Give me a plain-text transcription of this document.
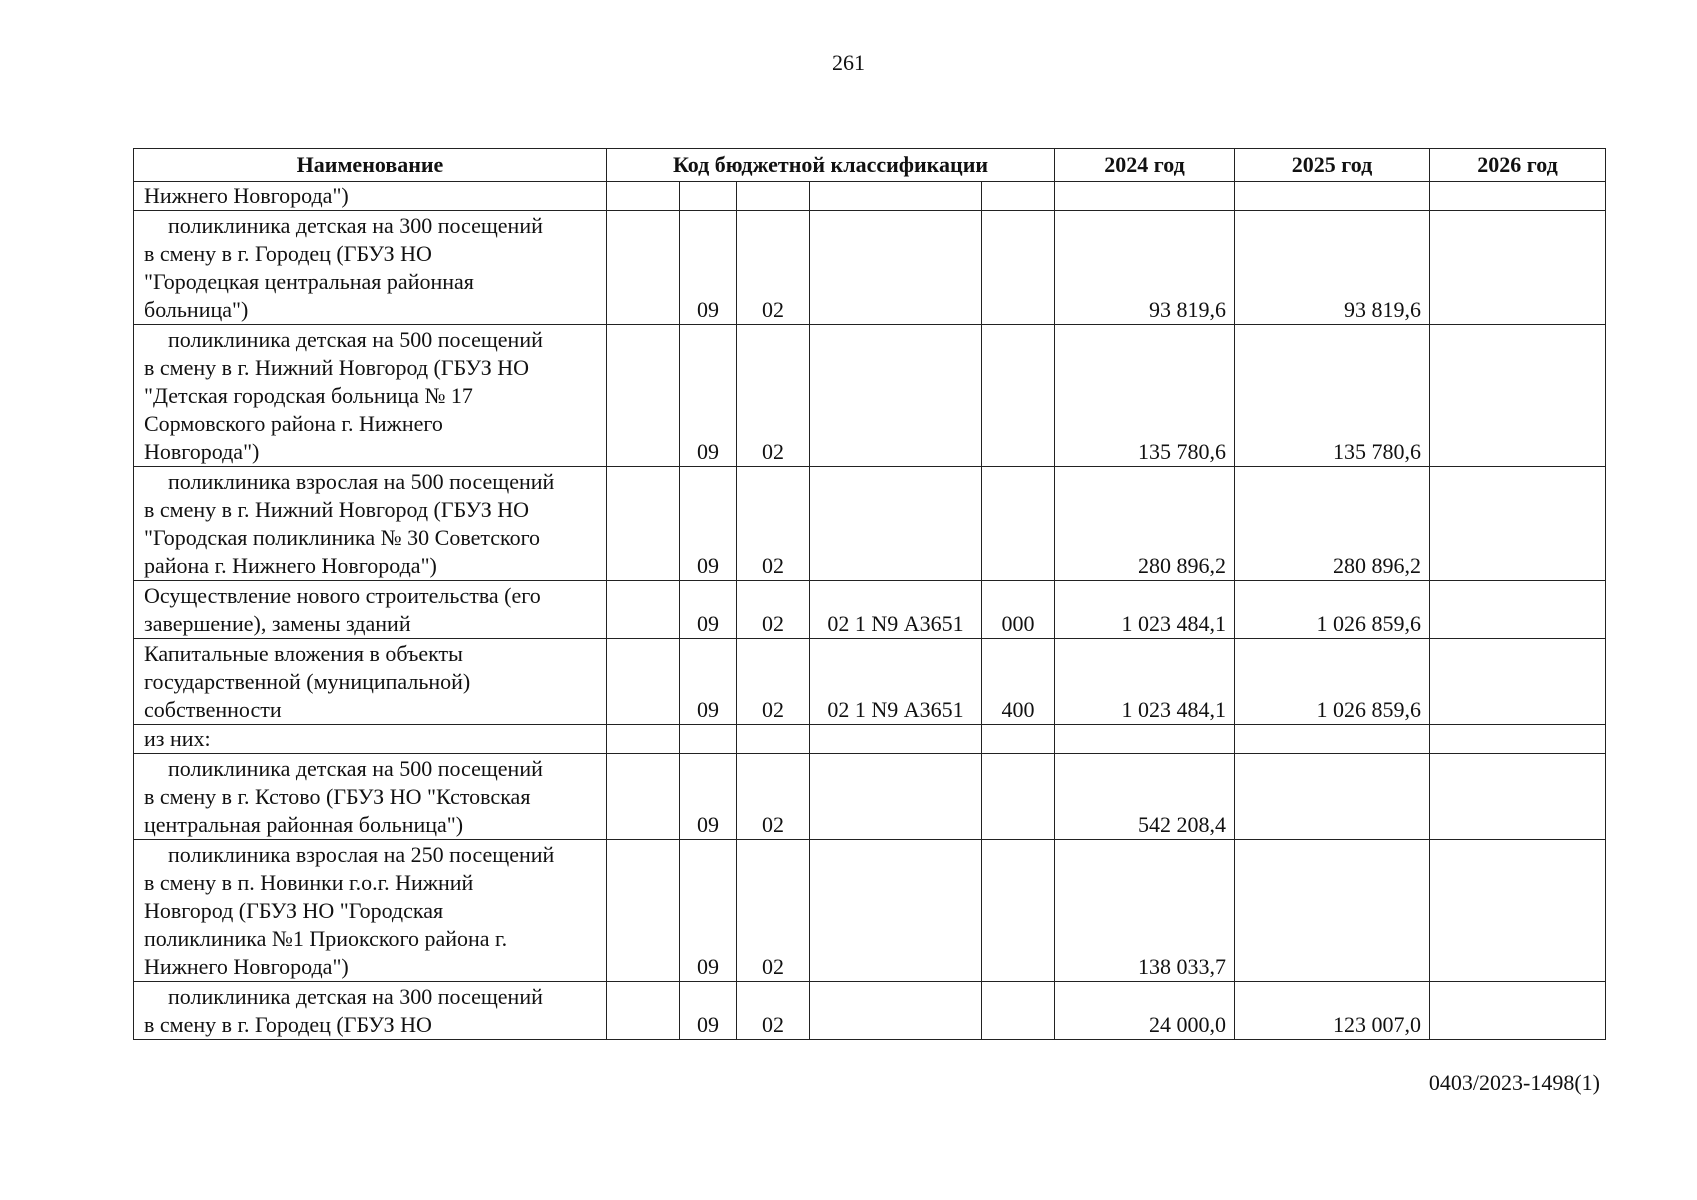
261
Наименование	Код бюджетной классификации					2024 год	2025 год	2026 год
Нижнего Новгорода")								
поликлиника детская на 300 посещений
в смену в г. Городец (ГБУЗ НО
"Городецкая центральная районная
больница")		09	02			93 819,6	93 819,6	
поликлиника детская на 500 посещений
в смену в г. Нижний Новгород (ГБУЗ НО
"Детская городская больница № 17
Сормовского района г. Нижнего
Новгорода")		09	02			135 780,6	135 780,6	
поликлиника взрослая на 500 посещений
в смену в г. Нижний Новгород (ГБУЗ НО
"Городская поликлиника № 30 Советского
района г. Нижнего Новгорода")		09	02			280 896,2	280 896,2	
Осуществление нового строительства (его
завершение), замены зданий		09	02	02 1 N9 А3651	000	1 023 484,1	1 026 859,6	
Капитальные вложения в объекты
государственной (муниципальной)
собственности		09	02	02 1 N9 А3651	400	1 023 484,1	1 026 859,6	
из них:								
поликлиника детская на 500 посещений
в смену в г. Кстово (ГБУЗ НО "Кстовская
центральная районная больница")		09	02			542 208,4		
поликлиника взрослая на 250 посещений
в смену в п. Новинки г.о.г. Нижний
Новгород (ГБУЗ НО "Городская
поликлиника №1 Приокского района г.
Нижнего Новгорода")		09	02			138 033,7		
поликлиника детская на 300 посещений
в смену в г. Городец (ГБУЗ НО		09	02			24 000,0	123 007,0	
0403/2023-1498(1)
